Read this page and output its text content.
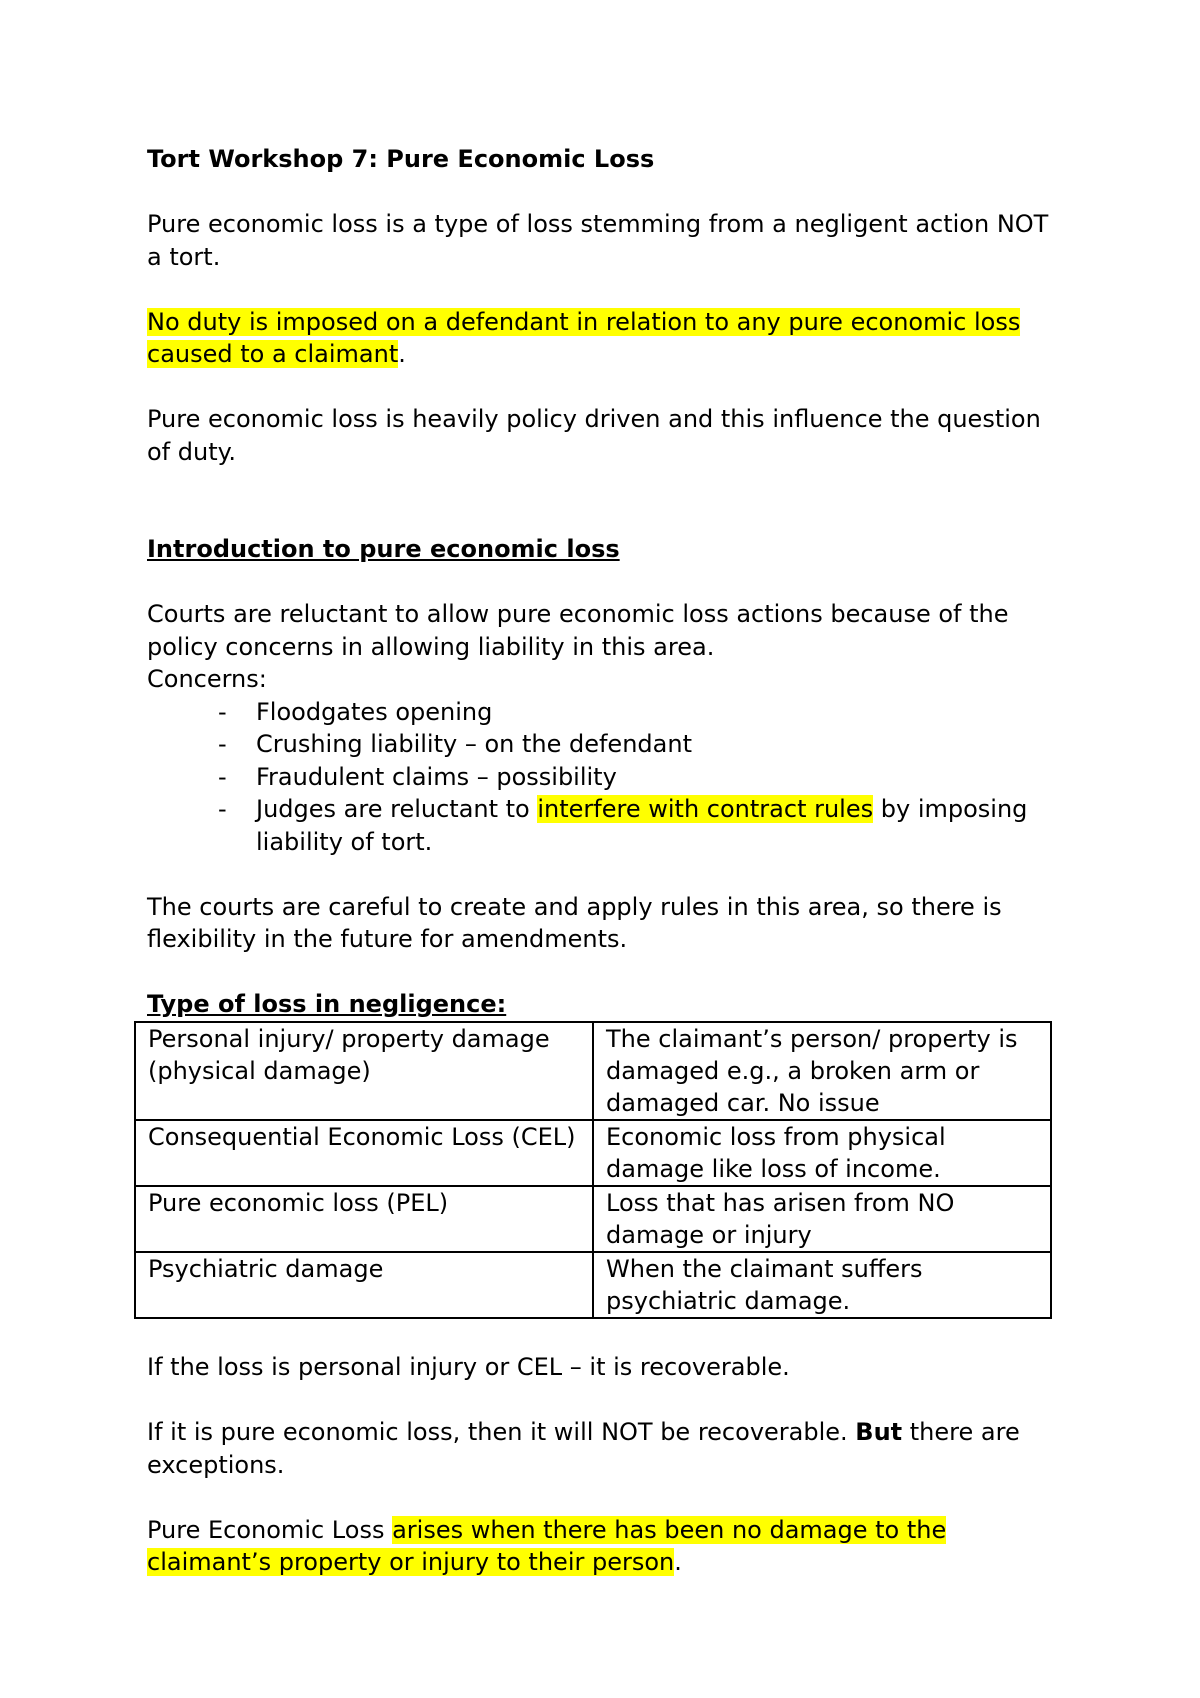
Tort Workshop 7: Pure Economic Loss

Pure economic loss is a type of loss stemming from a negligent action NOT a tort.

No duty is imposed on a defendant in relation to any pure economic loss caused to a claimant.

Pure economic loss is heavily policy driven and this influence the question of duty.

Introduction to pure economic loss

Courts are reluctant to allow pure economic loss actions because of the policy concerns in allowing liability in this area.

Concerns:

- Floodgates opening
- Crushing liability – on the defendant
- Fraudulent claims – possibility
- Judges are reluctant to interfere with contract rules by imposing liability of tort.

The courts are careful to create and apply rules in this area, so there is flexibility in the future for amendments.

Type of loss in negligence:

Personal injury/ property damage (physical damage)	The claimant’s person/ property is damaged e.g., a broken arm or damaged car. No issue
Consequential Economic Loss (CEL)	Economic loss from physical damage like loss of income.
Pure economic loss (PEL)	Loss that has arisen from NO damage or injury
Psychiatric damage	When the claimant suffers psychiatric damage.

If the loss is personal injury or CEL – it is recoverable.

If it is pure economic loss, then it will NOT be recoverable. But there are exceptions.

Pure Economic Loss arises when there has been no damage to the claimant’s property or injury to their person.
